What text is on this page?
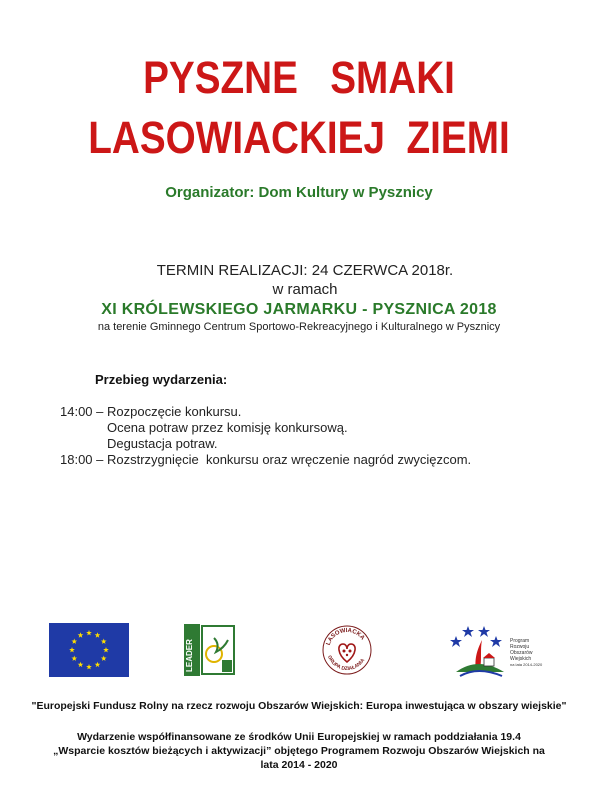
PYSZNE   SMAKI
LASOWIACKIEJ  ZIEMI
Organizator: Dom Kultury w Pysznicy
TERMIN REALIZACJI: 24 CZERWCA 2018r.
w ramach
XI KRÓLEWSKIEGO JARMARKU - PYSZNICA 2018
na terenie Gminnego Centrum Sportowo-Rekreacyjnego i Kulturalnego w Pysznicy
Przebieg wydarzenia:
14:00 – Rozpoczęcie konkursu.
Ocena potraw przez komisję konkursową.
Degustacja potraw.
18:00 – Rozstrzygnięcie  konkursu oraz wręczenie nagród zwycięzcom.
LEADER	LASOWIACKA
GRUPA DZIAŁANIA
Program
Rozwoju
Obszarów
Wiejskich
na lata 2014-2020
"Europejski Fundusz Rolny na rzecz rozwoju Obszarów Wiejskich: Europa inwestująca w obszary wiejskie"
Wydarzenie współfinansowane ze środków Unii Europejskiej w ramach poddziałania 19.4
„Wsparcie kosztów bieżących i aktywizacji” objętego Programem Rozwoju Obszarów Wiejskich na
lata 2014 - 2020
